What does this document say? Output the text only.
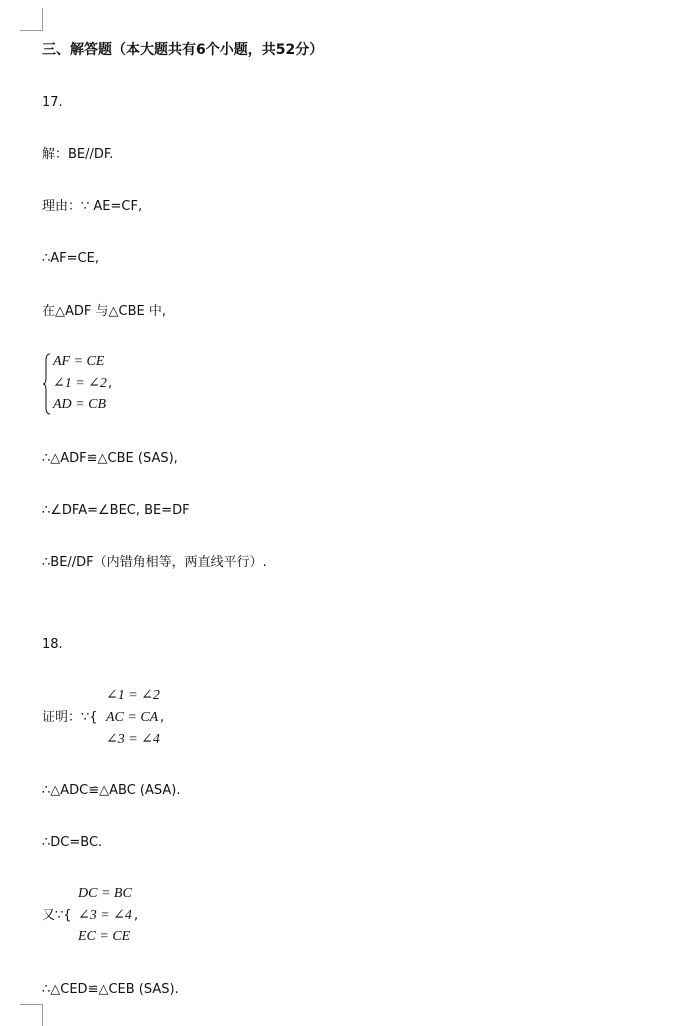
三、解答题（本大题共有6个小题，共52分）
17.
解：BE//DF.
理由：∵ AE=CF,
∴AF=CE,
在△ADF 与△CBE 中,
AF = CE
∠1 = ∠2 ,
AD = CB
∴△ADF≌△CBE (SAS),
∴∠DFA=∠BEC, BE=DF
∴BE//DF（内错角相等，两直线平行）.
18.
∠1 = ∠2
证明：∵{ AC = CA ,
∠3 = ∠4
∴△ADC≌△ABC (ASA).
∴DC=BC.
DC = BC
又∵{ ∠3 = ∠4 ,
EC = CE
∴△CED≌△CEB (SAS).
